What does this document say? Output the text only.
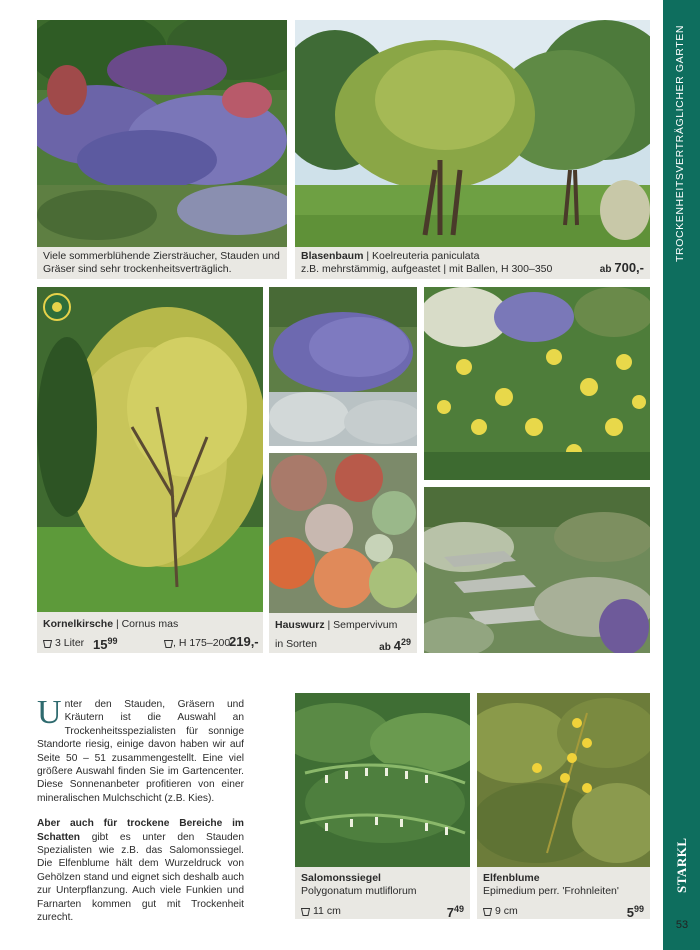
TROCKENHEITSVERTRÄGLICHER GARTEN
STARKL
53
Viele sommerblühende Ziersträucher, Stauden und Gräser sind sehr trockenheitsverträglich.
Blasenbaum | Koelreuteria paniculata
z.B. mehrstämmig, aufgeastet | mit Ballen, H 300–350	ab 700,-
Kornelkirsche | Cornus mas
3 Liter 1599	, H 175–200
219,-
Hauswurz | Sempervivum
in Sorten	ab 429

Unter den Stauden, Gräsern und Kräutern ist die Auswahl an Trockenheitsspezialisten für sonnige Standorte riesig, einige davon haben wir auf Seite 50 – 51 zusammengestellt. Eine viel größere Auswahl finden Sie im Gartencenter. Diese Sonnenanbeter profitieren von einer mineralischen Mulchschicht (z.B. Kies).

Aber auch für trockene Bereiche im Schatten gibt es unter den Stauden Spezialisten wie z.B. das Salomonssiegel. Die Elfenblume hält dem Wurzeldruck von Gehölzen stand und eignet sich deshalb auch zur Unterpflanzung. Auch viele Funkien und Farnarten kommen gut mit Trockenheit zurecht.

Salomonssiegel
Polygonatum mutliflorum
11 cm	749
Elfenblume
Epimedium perr. 'Frohnleiten'
9 cm	599
